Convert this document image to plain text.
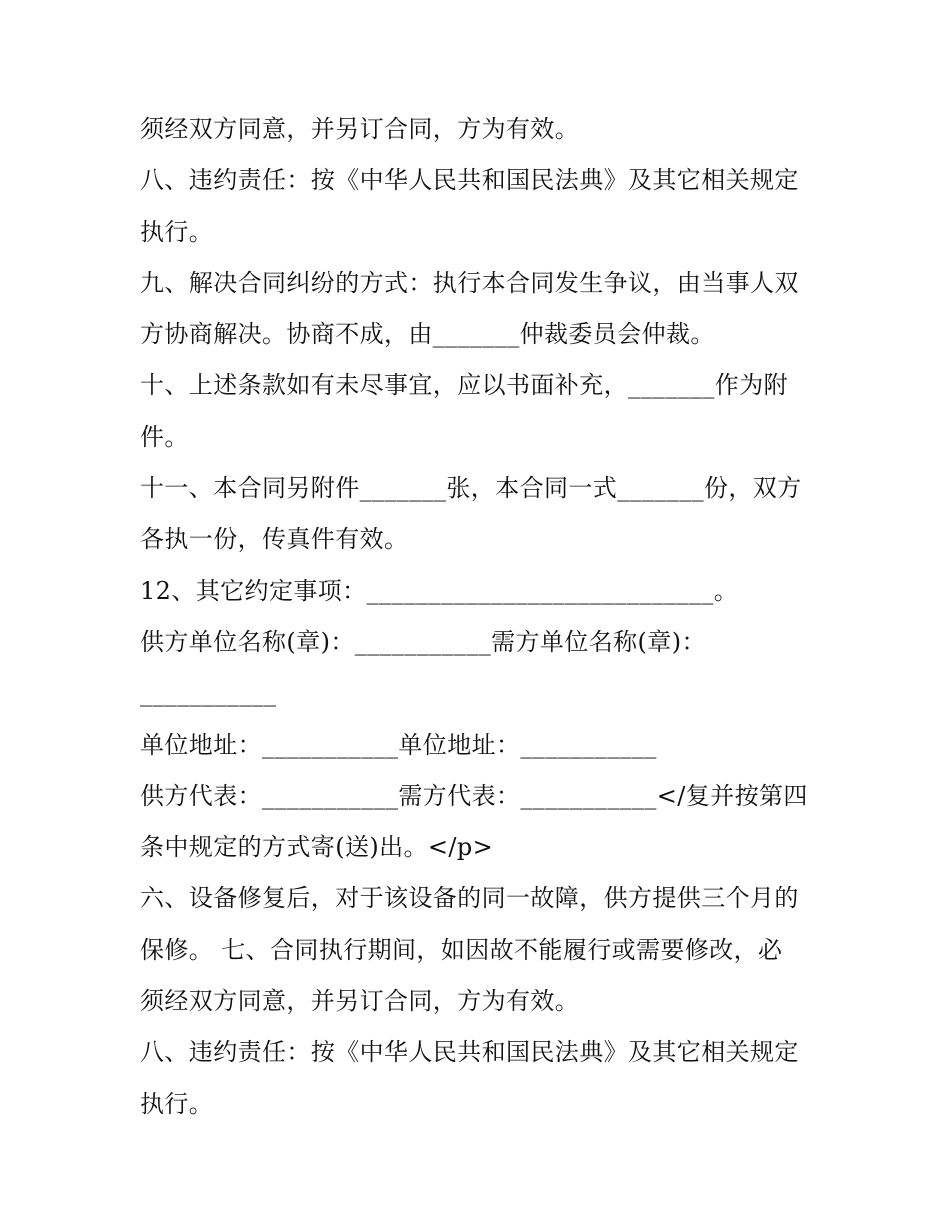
须经双方同意，并另订合同，方为有效。
八、违约责任：按《中华人民共和国民法典》及其它相关规定
执行。
九、解决合同纠纷的方式：执行本合同发生争议，由当事人双
方协商解决。协商不成，由_______仲裁委员会仲裁。
十、上述条款如有未尽事宜，应以书面补充，_______作为附
件。
十一、本合同另附件_______张，本合同一式_______份，双方
各执一份，传真件有效。
12、其它约定事项：____________________________。
供方单位名称(章)：___________需方单位名称(章)：
___________
单位地址：___________单位地址：___________
供方代表：___________需方代表：___________</复并按第四
条中规定的方式寄(送)出。</p>
六、设备修复后，对于该设备的同一故障，供方提供三个月的
保修。 七、合同执行期间，如因故不能履行或需要修改，必
须经双方同意，并另订合同，方为有效。
八、违约责任：按《中华人民共和国民法典》及其它相关规定
执行。
